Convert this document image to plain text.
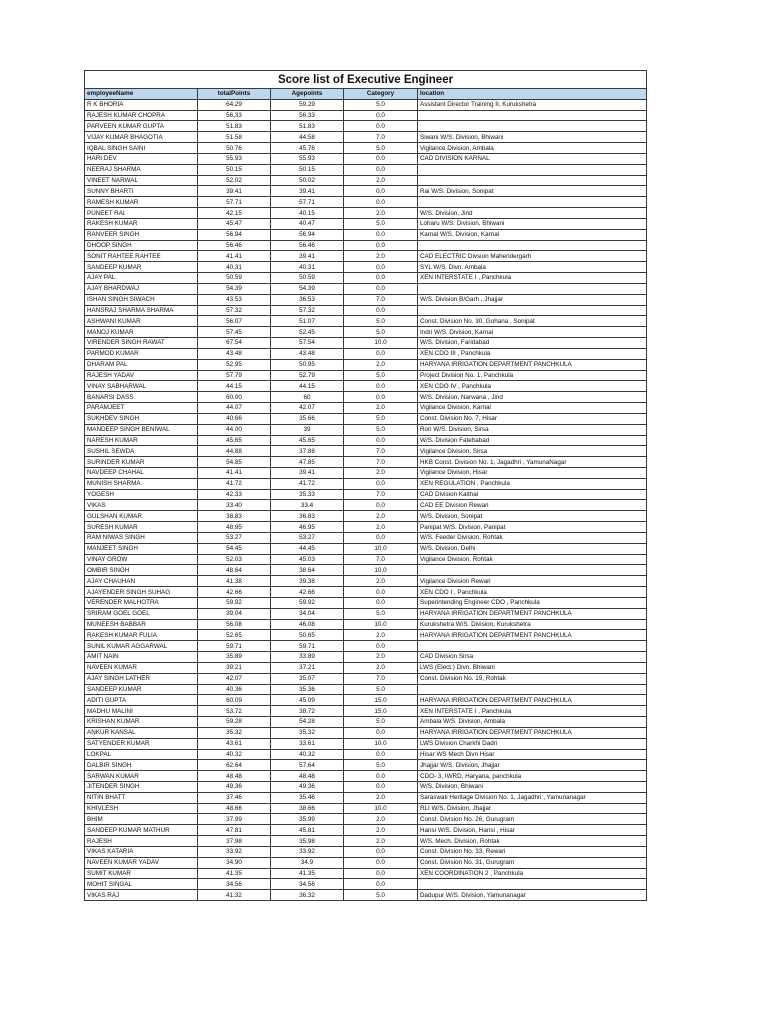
Score list of Executive Engineer				
employeeName	totalPoints	Agepoints	Category	location
R K BHORIA	64.29	59.29	5.0	Assistant Director Training II, Kurukshetra
RAJESH KUMAR CHOPRA	56.33	56.33	0.0	
PARVEEN KUMAR GUPTA	51.83	51.83	0.0	
VIJAY KUMAR BHAGOTIA	51.58	44.58	7.0	Siwani W/S. Division, Bhiwani
IQBAL SINGH SAINI	50.76	45.76	5.0	Vigilance Division, Ambala
HARI DEV	55.93	55.93	0.0	CAD DIVISION KARNAL
NEERAJ SHARMA	50.15	50.15	0.0	
VINEET NARWAL	52.02	50.02	2.0	
SUNNY BHARTI	39.41	39.41	0.0	Rai W/S. Division, Sonipat
RAMESH KUMAR	57.71	57.71	0.0	
PUNEET RAI	42.15	40.15	2.0	W/S. Division, Jind
RAKESH KUMAR	45.47	40.47	5.0	Loharu W/S. Division, Bhiwani
RANVEER SINGH	56.94	56.94	0.0	Karnal W/S. Division, Karnal
DHOOP SINGH	56.46	56.46	0.0	
SONIT RAHTEE RAHTEE	41.41	39.41	2.0	CAD ELECTRIC Divsion Mahendergarh
SANDEEP KUMAR	40.31	40.31	0.0	SYL W/S. Divn. Ambala
AJAY PAL	50.59	50.59	0.0	XEN INTERSTATE I , Panchkula
AJAY BHARDWAJ	54.39	54.39	0.0	
ISHAN SINGH SIWACH	43.53	36.53	7.0	W/S. Division B/Garh , Jhajjar
HANSRAJ SHARMA SHARMA	57.32	57.32	0.0	
ASHWANI KUMAR	56.07	51.07	5.0	Const. Division No. 30, Gohana , Sonipat
MANOJ KUMAR	57.45	52.45	5.0	Indri W/S. Division, Karnal
VIRENDER SINGH RAWAT	67.54	57.54	10.0	W/S. Division, Faridabad
PARMOD KUMAR	43.48	43.48	0.0	XEN CDO III , Panchkula
DHARAM PAL	52.95	50.95	2.0	HARYANA IRRIGATION DEPARTMENT PANCHKULA
RAJESH YADAV	57.79	52.79	5.0	Project Division No. 1, Panchkula
VINAY SABHARWAL	44.15	44.15	0.0	XEN CDO IV , Panchkula
BANARSI DASS	60.00	60	0.0	W/S. Division, Narwana , Jind
PARAMJEET	44.07	42.07	2.0	Vigilance Division, Karnal
SUKHDEV SINGH	40.66	35.66	5.0	Const. Division No. 7, Hisar
MANDEEP SINGH BENIWAL	44.00	39	5.0	Rori W/S. Division, Sirsa
NARESH KUMAR	45.65	45.65	0.0	W/S. Division Fatehabad
SUSHIL SEWDA	44.88	37.88	7.0	Vigilance Division, Sirsa
SURINDER KUMAR	54.85	47.85	7.0	HKB Const. Division No. 1, Jagadhri , YamunaNagar
NAVDEEP CHAHAL	41.41	39.41	2.0	Vigilance Division, Hisar
MUNISH SHARMA	41.72	41.72	0.0	XEN REGULATION , Panchkula
YOGESH	42.33	35.33	7.0	CAD Division Kaithal
VIKAS	33.40	33.4	0.0	CAD EE Division Rewari
GULSHAN KUMAR	38.83	36.83	2.0	W/S. Division, Sonipat
SURESH KUMAR	48.95	46.95	2.0	Panipat W/S. Division, Panipat
RAM NIWAS SINGH	53.27	53.27	0.0	W/S. Feeder Division, Rohtak
MANJEET SINGH	54.45	44.45	10.0	W/S. Division, Delhi
VINAY GROW	52.03	45.03	7.0	Vigilance Division, Rohtak
OMBIR SINGH	48.64	38.64	10.0	
AJAY CHAUHAN	41.38	39.38	2.0	Vigilance Division Rewari
AJAYENDER SINGH SUHAG	42.66	42.66	0.0	XEN CDO I , Panchkula
VERENDER MALHOTRA	59.92	59.92	0.0	Superintending Engineer CDO , Panchkula
SRIRAM GOEL GOEL	39.04	34.04	5.0	HARYANA IRRIGATION DEPARTMENT PANCHKULA
MUNEESH BABBAR	56.08	46.08	10.0	Kurukshetra W/S. Division, Kurukshetra
RAKESH KUMAR FULIA	52.65	50.65	2.0	HARYANA IRRIGATION DEPARTMENT PANCHKULA
SUNIL KUMAR AGGARWAL	59.71	59.71	0.0	
AMIT NAIN	35.89	33.89	2.0	CAD Division Sirsa
NAVEEN KUMAR	39.21	37.21	2.0	LWS (Elect.) Divn. Bhiwani
AJAY SINGH LATHER	42.07	35.07	7.0	Const. Division No. 19, Rohtak
SANDEEP KUMAR	40.36	35.36	5.0	
ADITI GUPTA	60.09	45.09	15.0	HARYANA IRRIGATION DEPARTMENT PANCHKULA
MADHU MALINI	53.72	38.72	15.0	XEN INTERSTATE I , Panchkula
KRISHAN KUMAR	59.28	54.28	5.0	Ambala W/S. Division, Ambala
ANKUR KANSAL	35.32	35.32	0.0	HARYANA IRRIGATION DEPARTMENT PANCHKULA
SATYENDER KUMAR	43.61	33.61	10.0	LWS Division Charkhi Dadri
LOKPAL	40.32	40.32	0.0	Hisar WS Mech Divn Hisar
DALBIR SINGH	62.64	57.64	5.0	Jhajjar W/S. Division, Jhajjar
SARWAN KUMAR	48.48	48.48	0.0	CDO- 3, IWRD, Haryana, panchkula
JITENDER SINGH	49.36	49.36	0.0	W/S. Division, Bhiwani
NITIN BHATT	37.46	35.46	2.0	Saraswati Heritage Division No. 1, Jagadhri , Yamunanagar
KHIVLESH	48.66	38.66	10.0	RLI W/S. Division, Jhajjar
BHIM	37.99	35.99	2.0	Const. Division No. 26, Gurugram
SANDEEP KUMAR MATHUR	47.81	45.81	2.0	Hansi W/S. Division, Hansi , Hisar
RAJESH	37.98	35.98	2.0	W/S. Mech. Division, Rohtak
VIKAS KATARIA	33.92	33.92	0.0	Const. Division No. 33, Rewari
NAVEEN KUMAR YADAV	34.90	34.9	0.0	Const. Division No. 31, Gurugram
SUMIT KUMAR	41.35	41.35	0.0	XEN COORDINATION 2 , Panchkula
MOHIT SINGAL	34.56	34.56	0.0	
VIKAS RAJ	41.32	36.32	5.0	Dadupur W/S. Division, Yamunanagar
